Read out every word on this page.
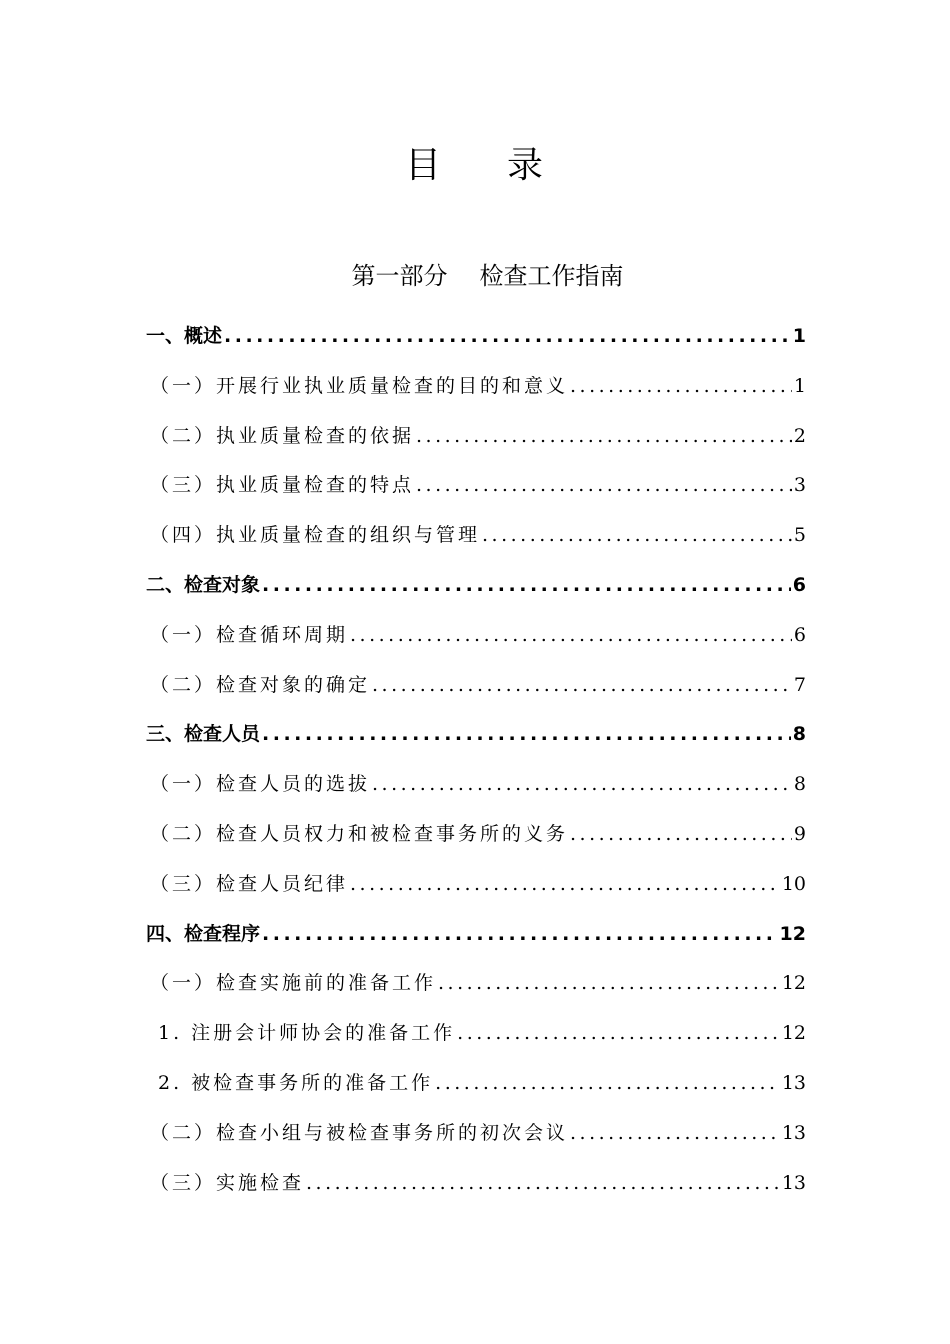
目 录
第一部分 检查工作指南
一、概述 .....	1
（一）开展行业执业质量检查的目的和意义 .....	1
（二）执业质量检查的依据 .....	2
（三）执业质量检查的特点 .....	3
（四）执业质量检查的组织与管理 .....	5
二、检查对象 .....	6
（一）检查循环周期 .....	6
（二）检查对象的确定 .....	7
三、检查人员 .....	8
（一）检查人员的选拔 .....	8
（二）检查人员权力和被检查事务所的义务 .....	9
（三）检查人员纪律 .....	10
四、检查程序 .....	12
（一）检查实施前的准备工作 .....	12
1. 注册会计师协会的准备工作 .....	12
2. 被检查事务所的准备工作 .....	13
（二）检查小组与被检查事务所的初次会议 .....	13
（三）实施检查 .....	13
